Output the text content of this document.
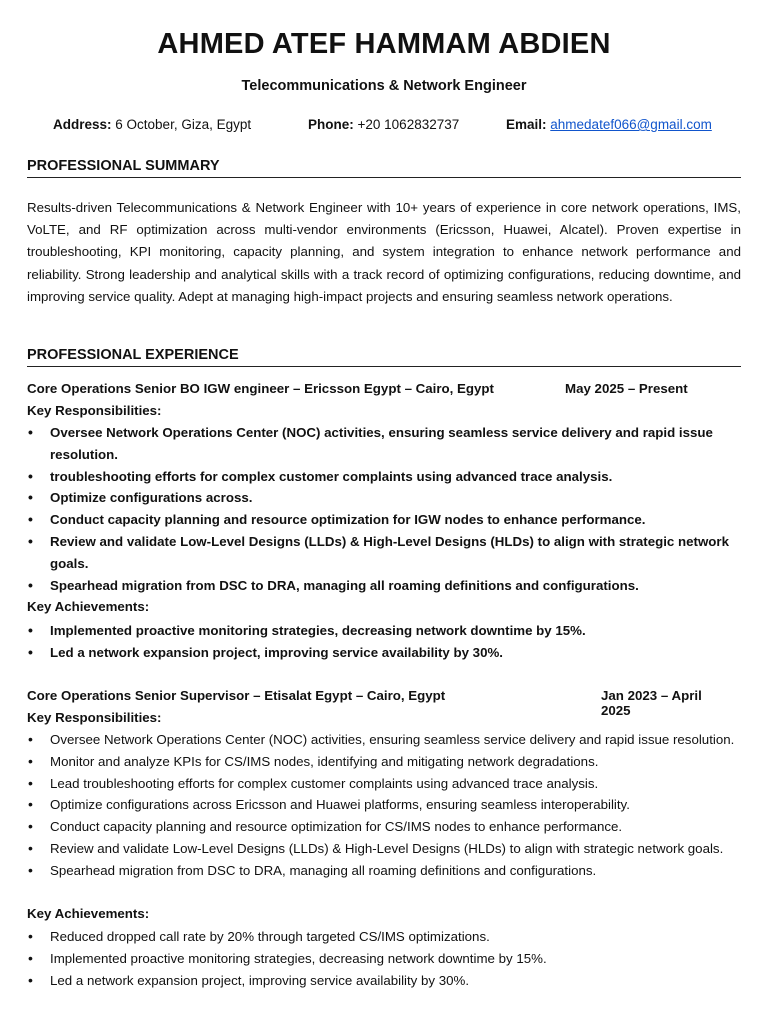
AHMED ATEF HAMMAM ABDIEN
Telecommunications & Network Engineer
Address: 6 October, Giza, Egypt	Phone: +20 1062832737	Email: ahmedatef066@gmail.com
PROFESSIONAL SUMMARY
Results-driven Telecommunications & Network Engineer with 10+ years of experience in core network operations, IMS, VoLTE, and RF optimization across multi-vendor environments (Ericsson, Huawei, Alcatel). Proven expertise in troubleshooting, KPI monitoring, capacity planning, and system integration to enhance network performance and reliability. Strong leadership and analytical skills with a track record of optimizing configurations, reducing downtime, and improving service quality. Adept at managing high-impact projects and ensuring seamless network operations.
PROFESSIONAL EXPERIENCE
Core Operations Senior BO IGW engineer – Ericsson Egypt – Cairo, Egypt	May 2025 – Present
Key Responsibilities:
• Oversee Network Operations Center (NOC) activities, ensuring seamless service delivery and rapid issue resolution.
• troubleshooting efforts for complex customer complaints using advanced trace analysis.
• Optimize configurations across.
• Conduct capacity planning and resource optimization for IGW nodes to enhance performance.
• Review and validate Low-Level Designs (LLDs) & High-Level Designs (HLDs) to align with strategic network goals.
• Spearhead migration from DSC to DRA, managing all roaming definitions and configurations.
Key Achievements:
• Implemented proactive monitoring strategies, decreasing network downtime by 15%.
• Led a network expansion project, improving service availability by 30%.
Core Operations Senior Supervisor – Etisalat Egypt – Cairo, Egypt	Jan 2023 – April 2025
Key Responsibilities:
• Oversee Network Operations Center (NOC) activities, ensuring seamless service delivery and rapid issue resolution.
• Monitor and analyze KPIs for CS/IMS nodes, identifying and mitigating network degradations.
• Lead troubleshooting efforts for complex customer complaints using advanced trace analysis.
• Optimize configurations across Ericsson and Huawei platforms, ensuring seamless interoperability.
• Conduct capacity planning and resource optimization for CS/IMS nodes to enhance performance.
• Review and validate Low-Level Designs (LLDs) & High-Level Designs (HLDs) to align with strategic network goals.
• Spearhead migration from DSC to DRA, managing all roaming definitions and configurations.
Key Achievements:
• Reduced dropped call rate by 20% through targeted CS/IMS optimizations.
• Implemented proactive monitoring strategies, decreasing network downtime by 15%.
• Led a network expansion project, improving service availability by 30%.
